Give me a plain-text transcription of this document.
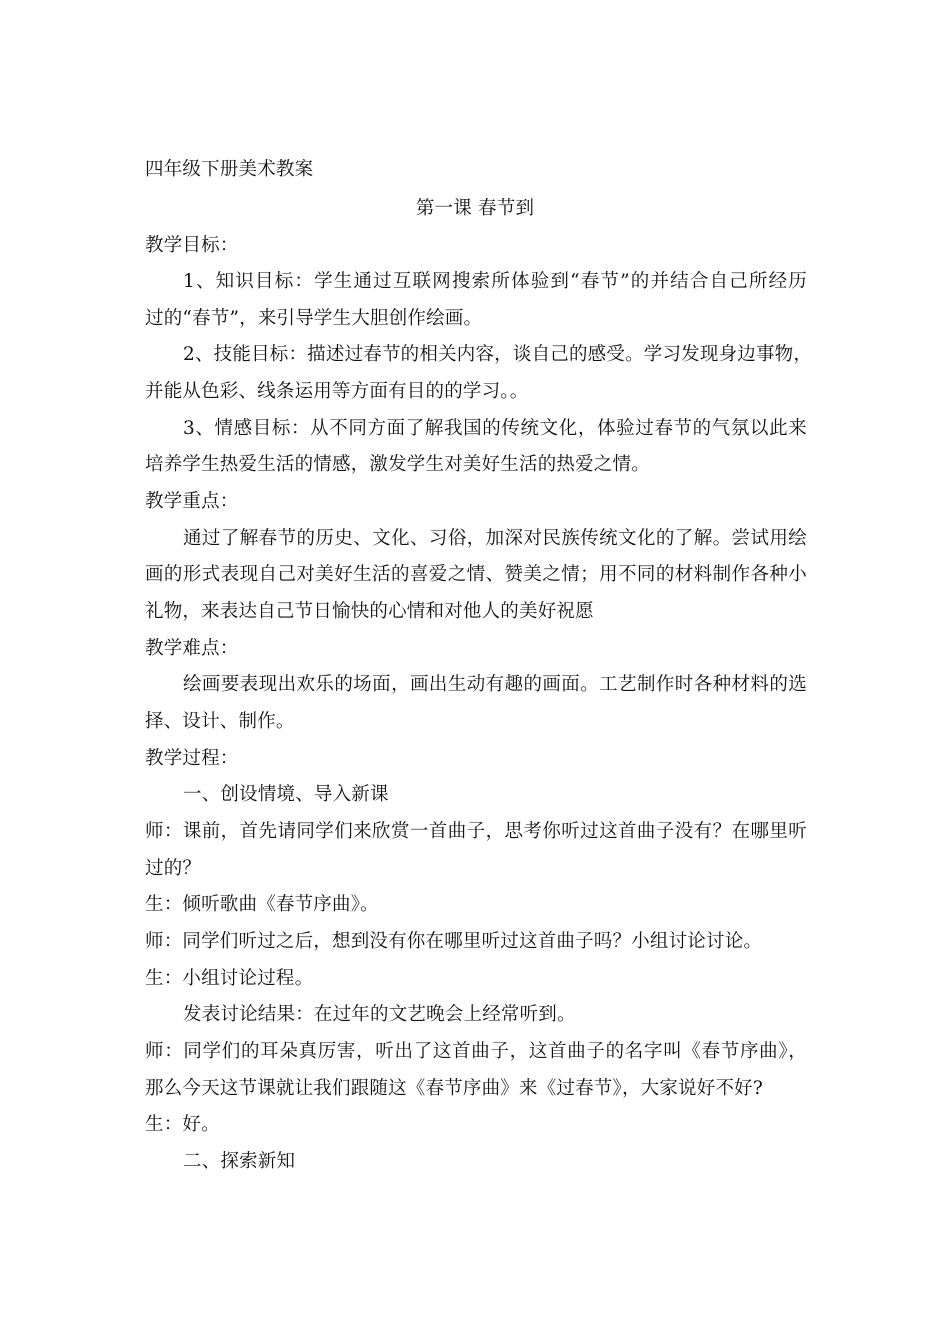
四年级下册美术教案
第一课 春节到
教学目标：
1、知识目标：学生通过互联网搜索所体验到“春节”的并结合自己所经历
过的“春节”，来引导学生大胆创作绘画。
2、技能目标：描述过春节的相关内容，谈自己的感受。学习发现身边事物，
并能从色彩、线条运用等方面有目的的学习。。
3、情感目标：从不同方面了解我国的传统文化，体验过春节的气氛以此来
培养学生热爱生活的情感，激发学生对美好生活的热爱之情。
教学重点：
通过了解春节的历史、文化、习俗，加深对民族传统文化的了解。尝试用绘
画的形式表现自己对美好生活的喜爱之情、赞美之情；用不同的材料制作各种小
礼物，来表达自己节日愉快的心情和对他人的美好祝愿
教学难点：
绘画要表现出欢乐的场面，画出生动有趣的画面。工艺制作时各种材料的选
择、设计、制作。
教学过程：
一、创设情境、导入新课
师：课前，首先请同学们来欣赏一首曲子，思考你听过这首曲子没有？在哪里听
过的？
生：倾听歌曲《春节序曲》。
师：同学们听过之后，想到没有你在哪里听过这首曲子吗？小组讨论讨论。
生：小组讨论过程。
发表讨论结果：在过年的文艺晚会上经常听到。
师：同学们的耳朵真厉害，听出了这首曲子，这首曲子的名字叫《春节序曲》，
那么今天这节课就让我们跟随这《春节序曲》来《过春节》，大家说好不好?
生：好。
二、探索新知
